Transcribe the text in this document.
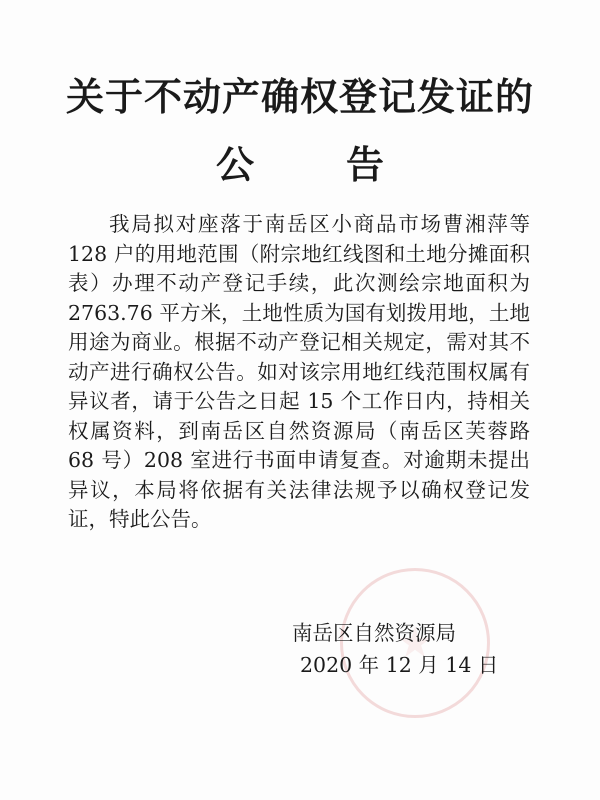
关于不动产确权登记发证的
公 告

我局拟对座落于南岳区小商品市场曹湘萍等 128 户的用地范围（附宗地红线图和土地分摊面积表）办理不动产登记手续，此次测绘宗地面积为 2763.76 平方米，土地性质为国有划拨用地，土地用途为商业。根据不动产登记相关规定，需对其不动产进行确权公告。如对该宗用地红线范围权属有异议者，请于公告之日起 15 个工作日内，持相关权属资料，到南岳区自然资源局（南岳区芙蓉路 68 号）208 室进行书面申请复查。对逾期未提出异议，本局将依据有关法律法规予以确权登记发证，特此公告。

南岳区自然资源局

2020 年 12 月 14 日
